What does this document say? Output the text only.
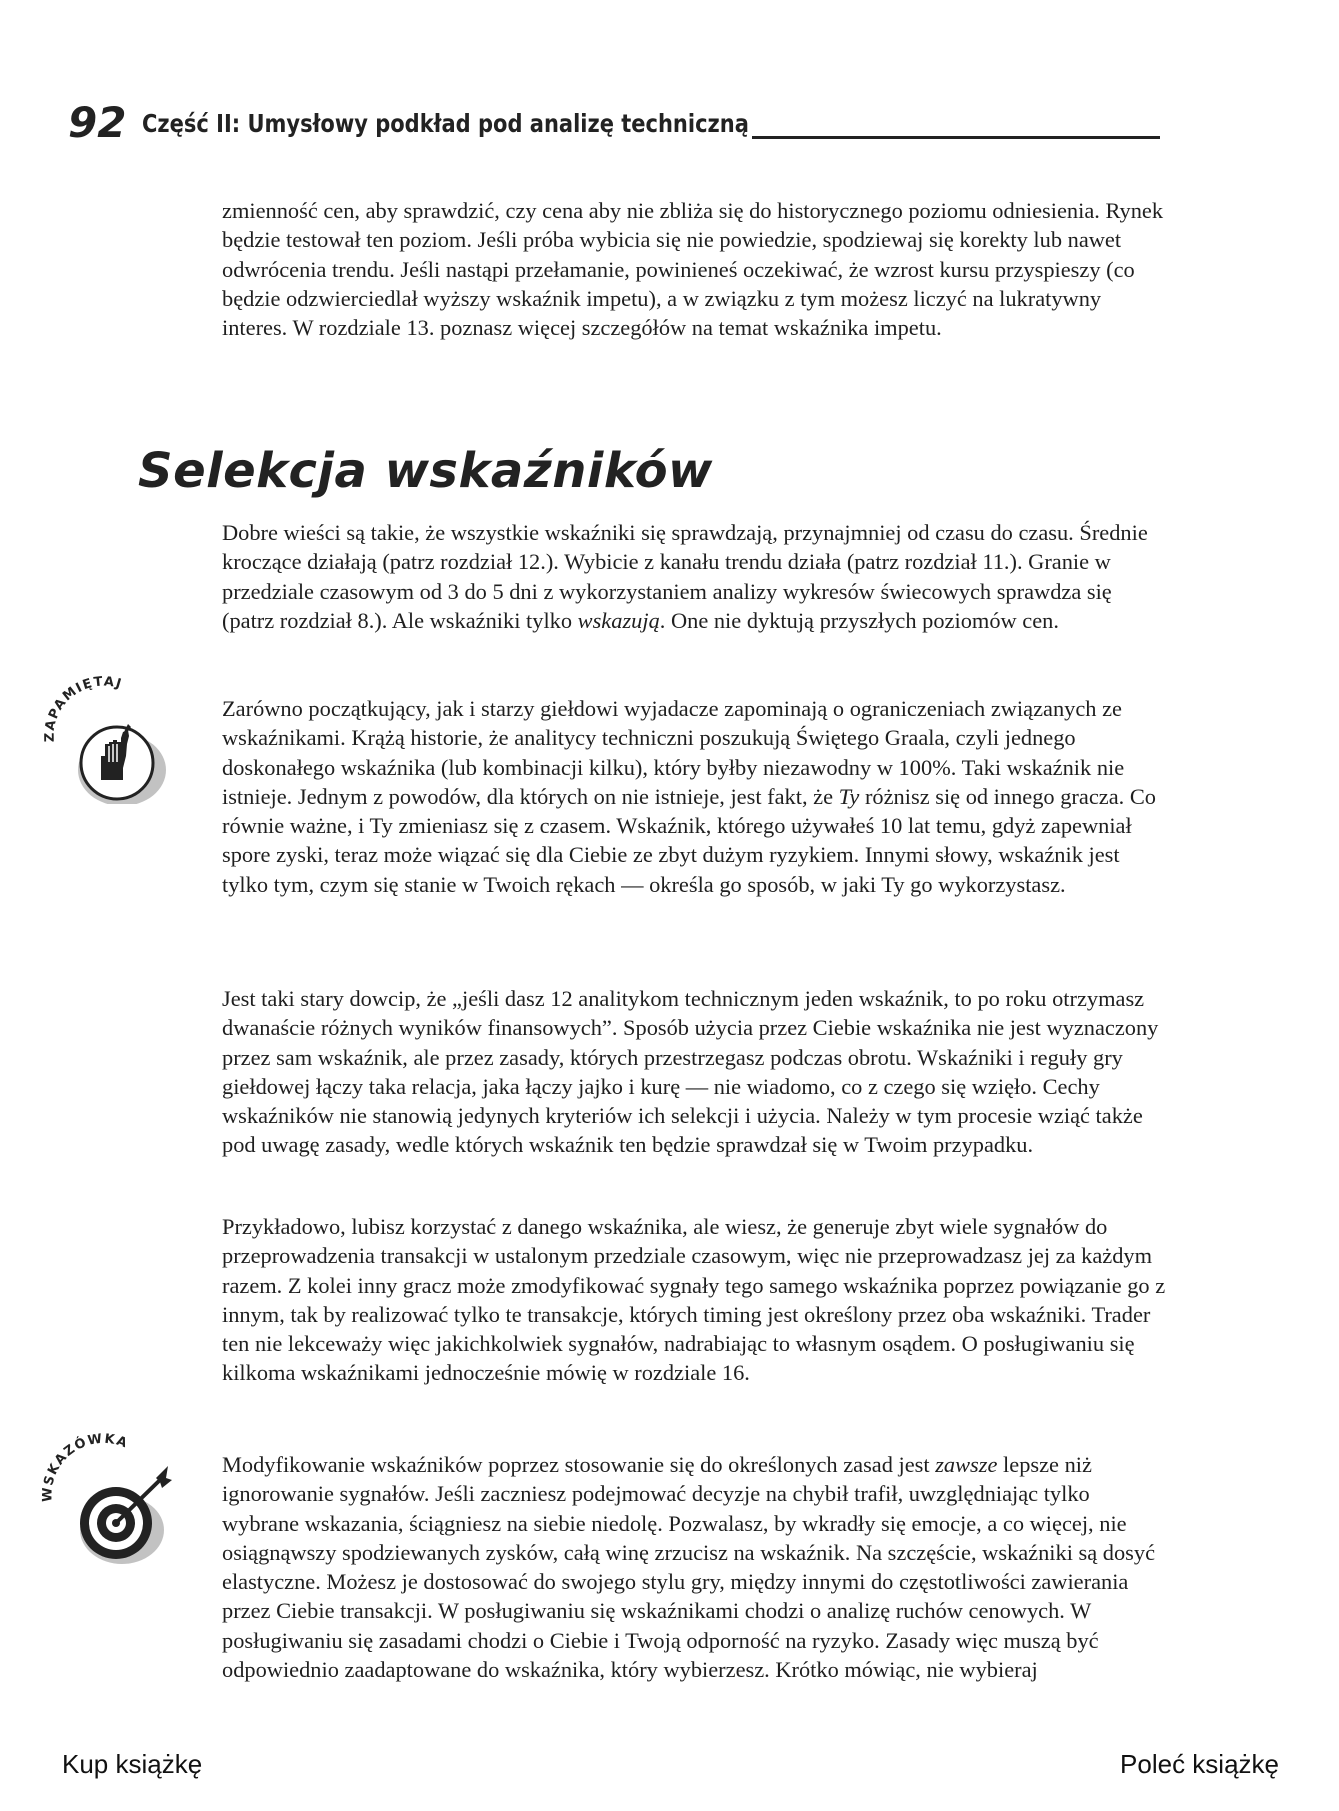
92 Część II: Umysłowy podkład pod analizę techniczną

zmienność cen, aby sprawdzić, czy cena aby nie zbliża się do historycznego poziomu odniesienia. Rynek będzie testował ten poziom. Jeśli próba wybicia się nie powiedzie, spodziewaj się korekty lub nawet odwrócenia trendu. Jeśli nastąpi przełamanie, powinieneś oczekiwać, że wzrost kursu przyspieszy (co będzie odzwierciedlał wyższy wskaźnik impetu), a w związku z tym możesz liczyć na lukratywny interes. W rozdziale 13. poznasz więcej szczegółów na temat wskaźnika impetu.

Selekcja wskaźników

Dobre wieści są takie, że wszystkie wskaźniki się sprawdzają, przynajmniej od czasu do czasu. Średnie kroczące działają (patrz rozdział 12.). Wybicie z kanału trendu działa (patrz rozdział 11.). Granie w przedziale czasowym od 3 do 5 dni z wykorzystaniem analizy wykresów świecowych sprawdza się (patrz rozdział 8.). Ale wskaźniki tylko wskazują. One nie dyktują przyszłych poziomów cen.

ZAPAMIĘTAJ

Zarówno początkujący, jak i starzy giełdowi wyjadacze zapominają o ograniczeniach związanych ze wskaźnikami. Krążą historie, że analitycy techniczni poszukują Świętego Graala, czyli jednego doskonałego wskaźnika (lub kombinacji kilku), który byłby niezawodny w 100%. Taki wskaźnik nie istnieje. Jednym z powodów, dla których on nie istnieje, jest fakt, że Ty różnisz się od innego gracza. Co równie ważne, i Ty zmieniasz się z czasem. Wskaźnik, którego używałeś 10 lat temu, gdyż zapewniał spore zyski, teraz może wiązać się dla Ciebie ze zbyt dużym ryzykiem. Innymi słowy, wskaźnik jest tylko tym, czym się stanie w Twoich rękach — określa go sposób, w jaki Ty go wykorzystasz.

Jest taki stary dowcip, że „jeśli dasz 12 analitykom technicznym jeden wskaźnik, to po roku otrzymasz dwanaście różnych wyników finansowych”. Sposób użycia przez Ciebie wskaźnika nie jest wyznaczony przez sam wskaźnik, ale przez zasady, których przestrzegasz podczas obrotu. Wskaźniki i reguły gry giełdowej łączy taka relacja, jaka łączy jajko i kurę — nie wiadomo, co z czego się wzięło. Cechy wskaźników nie stanowią jedynych kryteriów ich selekcji i użycia. Należy w tym procesie wziąć także pod uwagę zasady, wedle których wskaźnik ten będzie sprawdzał się w Twoim przypadku.

Przykładowo, lubisz korzystać z danego wskaźnika, ale wiesz, że generuje zbyt wiele sygnałów do przeprowadzenia transakcji w ustalonym przedziale czasowym, więc nie przeprowadzasz jej za każdym razem. Z kolei inny gracz może zmodyfikować sygnały tego samego wskaźnika poprzez powiązanie go z innym, tak by realizować tylko te transakcje, których timing jest określony przez oba wskaźniki. Trader ten nie lekceważy więc jakichkolwiek sygnałów, nadrabiając to własnym osądem. O posługiwaniu się kilkoma wskaźnikami jednocześnie mówię w rozdziale 16.

WSKAZÓWKA

Modyfikowanie wskaźników poprzez stosowanie się do określonych zasad jest zawsze lepsze niż ignorowanie sygnałów. Jeśli zaczniesz podejmować decyzje na chybił trafił, uwzględniając tylko wybrane wskazania, ściągniesz na siebie niedolę. Pozwalasz, by wkradły się emocje, a co więcej, nie osiągnąwszy spodziewanych zysków, całą winę zrzucisz na wskaźnik. Na szczęście, wskaźniki są dosyć elastyczne. Możesz je dostosować do swojego stylu gry, między innymi do częstotliwości zawierania przez Ciebie transakcji. W posługiwaniu się wskaźnikami chodzi o analizę ruchów cenowych. W posługiwaniu się zasadami chodzi o Ciebie i Twoją odporność na ryzyko. Zasady więc muszą być odpowiednio zaadaptowane do wskaźnika, który wybierzesz. Krótko mówiąc, nie wybieraj

Kup książkę	Poleć książkę
